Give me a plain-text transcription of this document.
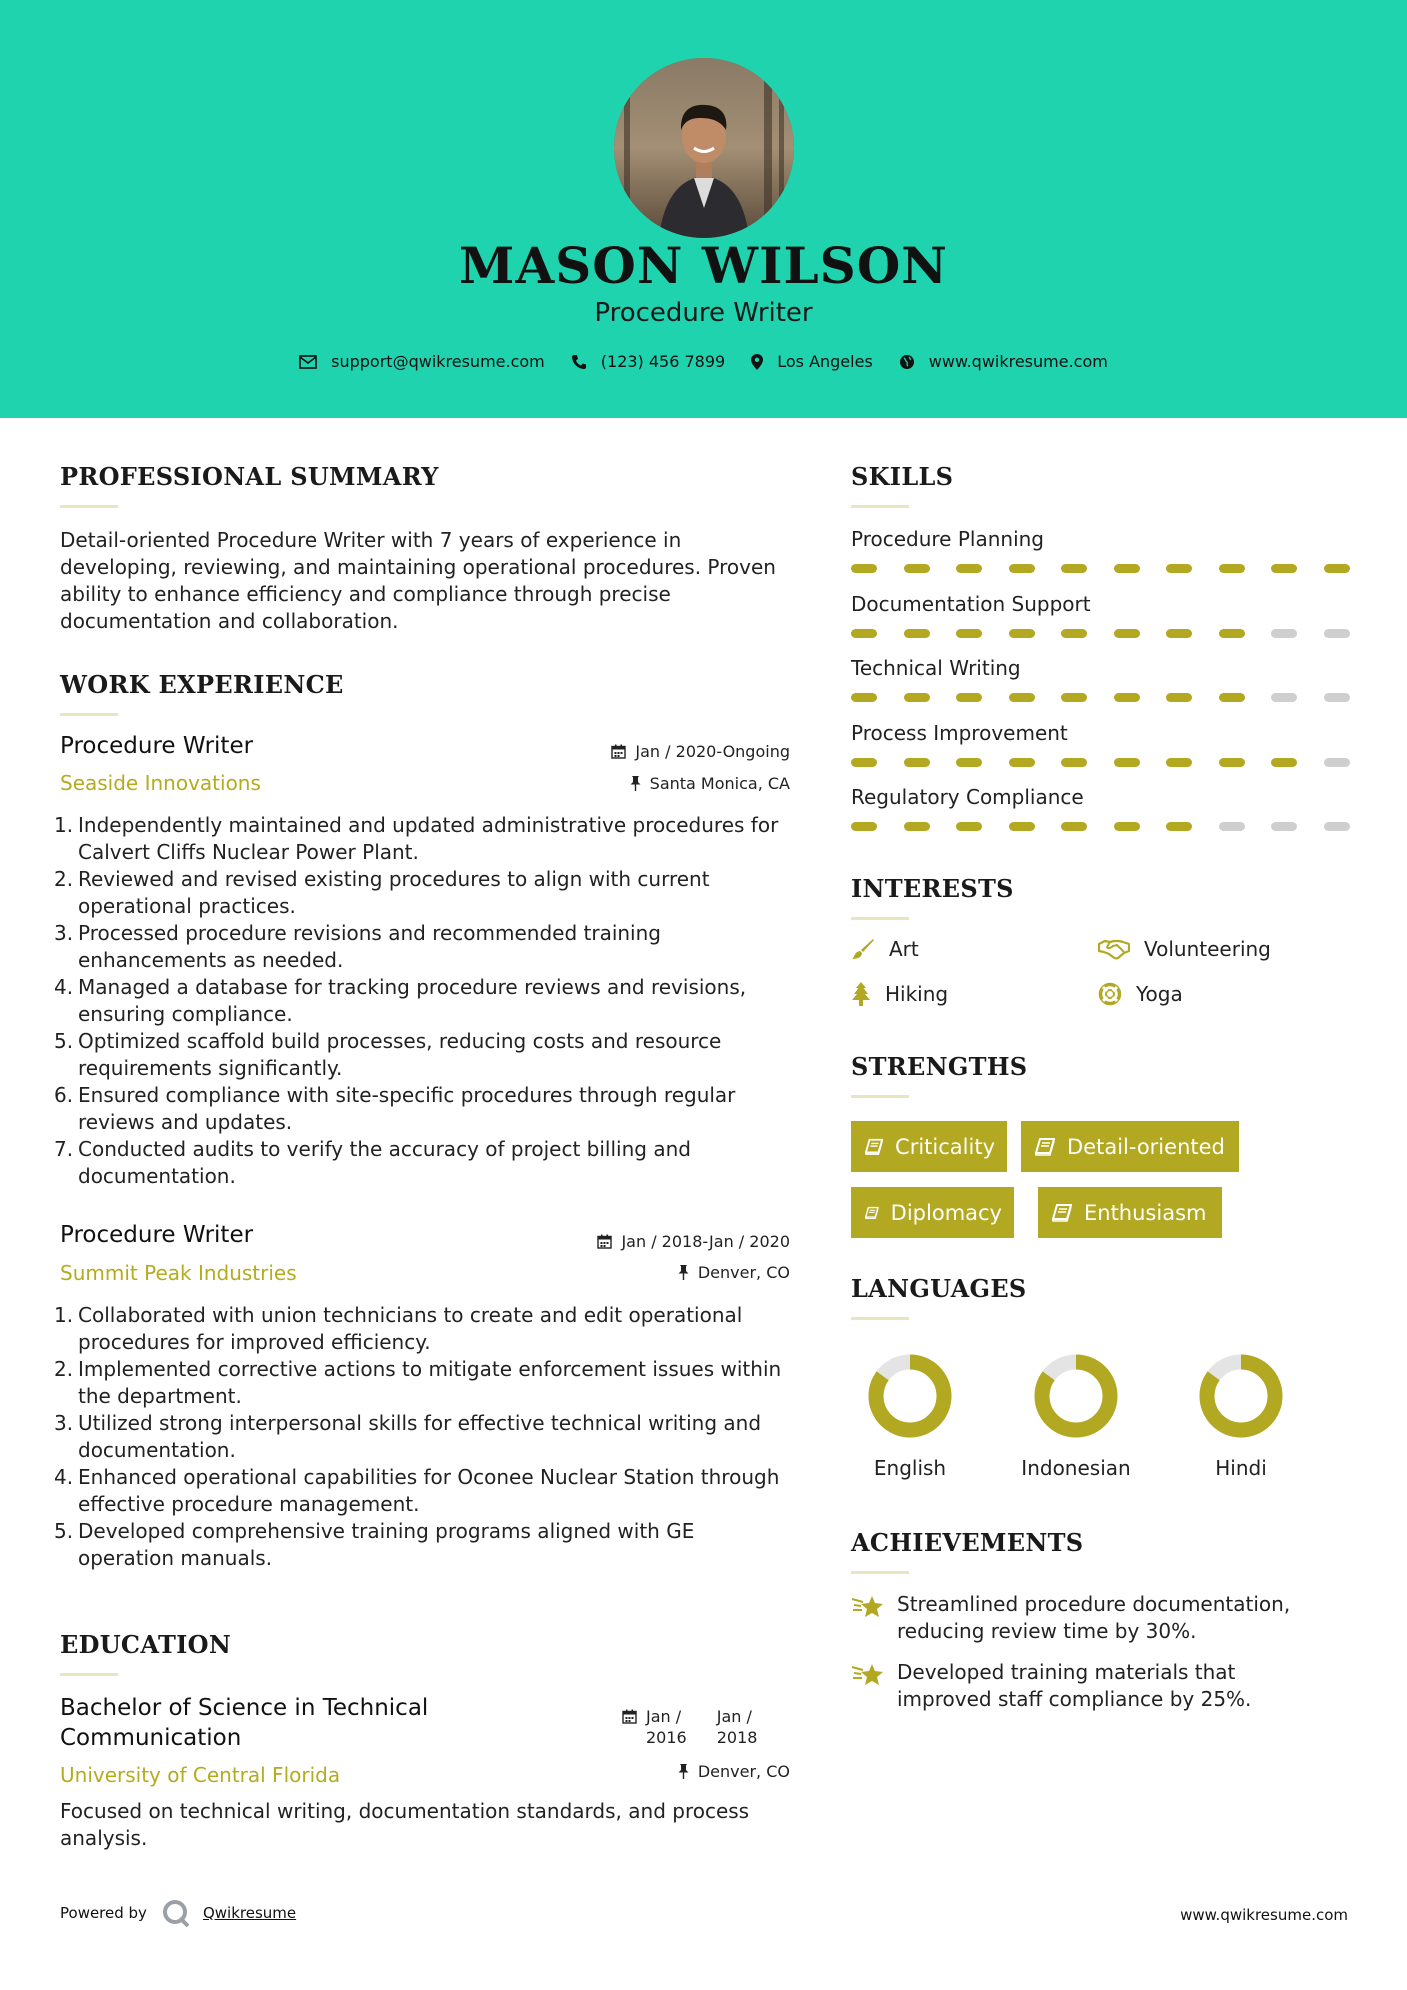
MASON WILSON
Procedure Writer
support@qwikresume.com	(123) 456 7899	Los Angeles	www.qwikresume.com
PROFESSIONAL SUMMARY
Detail-oriented Procedure Writer with 7 years of experience in developing, reviewing, and maintaining operational procedures. Proven ability to enhance efficiency and compliance through precise documentation and collaboration.
WORK EXPERIENCE
Procedure Writer
Seaside Innovations
Jan / 2020-Ongoing
Santa Monica, CA
1. Independently maintained and updated administrative procedures for Calvert Cliffs Nuclear Power Plant.
2. Reviewed and revised existing procedures to align with current operational practices.
3. Processed procedure revisions and recommended training enhancements as needed.
4. Managed a database for tracking procedure reviews and revisions, ensuring compliance.
5. Optimized scaffold build processes, reducing costs and resource requirements significantly.
6. Ensured compliance with site-specific procedures through regular reviews and updates.
7. Conducted audits to verify the accuracy of project billing and documentation.
Procedure Writer
Summit Peak Industries
Jan / 2018-Jan / 2020
Denver, CO
1. Collaborated with union technicians to create and edit operational procedures for improved efficiency.
2. Implemented corrective actions to mitigate enforcement issues within the department.
3. Utilized strong interpersonal skills for effective technical writing and documentation.
4. Enhanced operational capabilities for Oconee Nuclear Station through effective procedure management.
5. Developed comprehensive training programs aligned with GE operation manuals.
EDUCATION
Bachelor of Science in Technical
Communication
Jan /
2016
Jan /
2018
University of Central Florida	Denver, CO
Focused on technical writing, documentation standards, and process analysis.
SKILLS
Procedure Planning
Documentation Support
Technical Writing
Process Improvement
Regulatory Compliance
INTERESTS
Art	Volunteering
Hiking	Yoga
STRENGTHS
Criticality	Detail-oriented
Diplomacy	Enthusiasm
LANGUAGES
English	Indonesian	Hindi
ACHIEVEMENTS
Streamlined procedure documentation, reducing review time by 30%.
Developed training materials that improved staff compliance by 25%.
Powered by	Qwikresume	www.qwikresume.com
